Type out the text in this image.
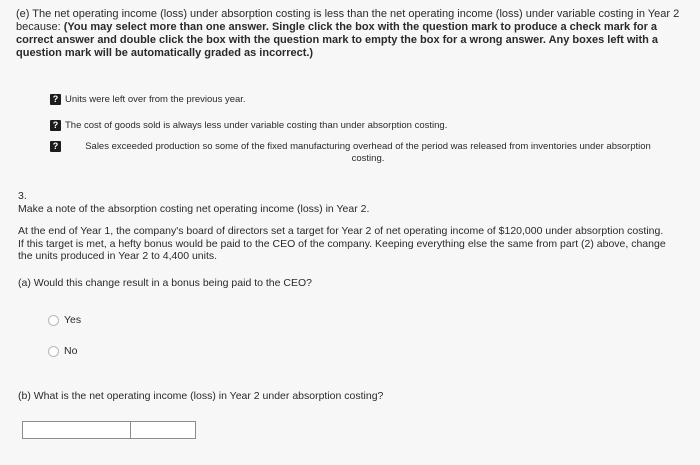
(e) The net operating income (loss) under absorption costing is less than the net operating income (loss) under variable costing in Year 2 because: (You may select more than one answer. Single click the box with the question mark to produce a check mark for a correct answer and double click the box with the question mark to empty the box for a wrong answer. Any boxes left with a question mark will be automatically graded as incorrect.)
? Units were left over from the previous year.
? The cost of goods sold is always less under variable costing than under absorption costing.
?	Sales exceeded production so some of the fixed manufacturing overhead of the period was released from inventories under absorption costing.
3.
Make a note of the absorption costing net operating income (loss) in Year 2.
At the end of Year 1, the company's board of directors set a target for Year 2 of net operating income of $120,000 under absorption costing. If this target is met, a hefty bonus would be paid to the CEO of the company. Keeping everything else the same from part (2) above, change the units produced in Year 2 to 4,400 units.
(a) Would this change result in a bonus being paid to the CEO?
Yes
No
(b) What is the net operating income (loss) in Year 2 under absorption costing?
